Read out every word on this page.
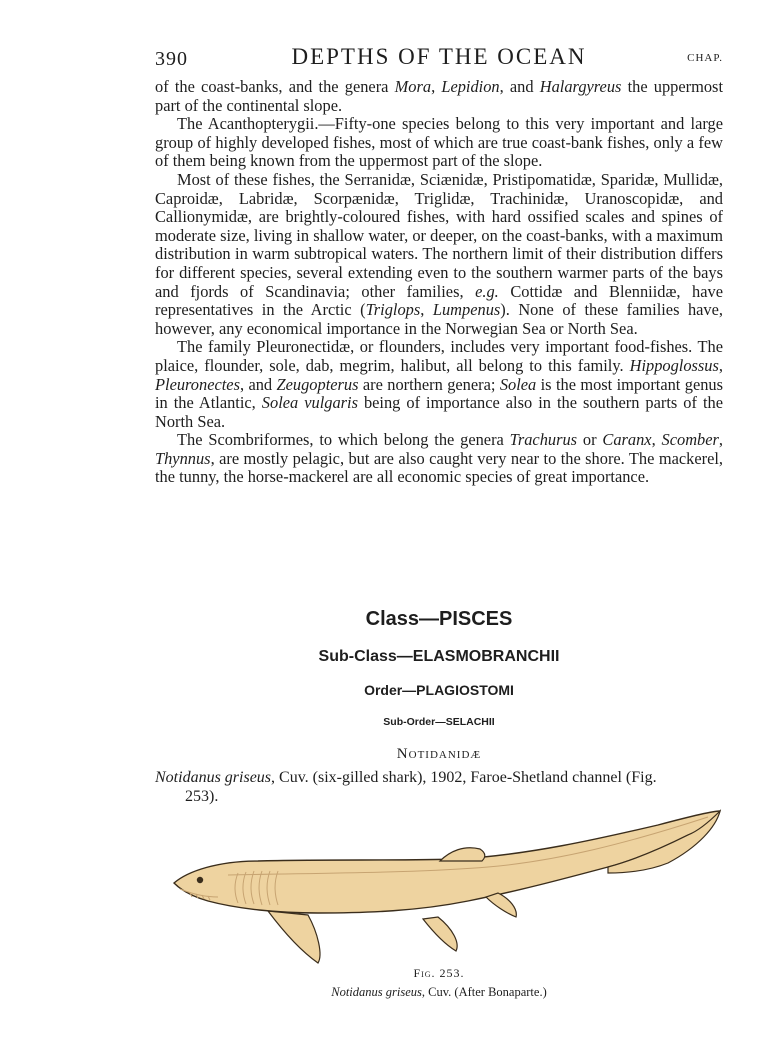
390	DEPTHS OF THE OCEAN	CHAP.

of the coast-banks, and the genera Mora, Lepidion, and Halargyreus the uppermost part of the continental slope.

The Acanthopterygii.—Fifty-one species belong to this very important and large group of highly developed fishes, most of which are true coast-bank fishes, only a few of them being known from the uppermost part of the slope.

Most of these fishes, the Serranidæ, Sciænidæ, Pristipomatidæ, Sparidæ, Mullidæ, Caproidæ, Labridæ, Scorpænidæ, Triglidæ, Trachinidæ, Uranoscopidæ, and Callionymidæ, are brightly-coloured fishes, with hard ossified scales and spines of moderate size, living in shallow water, or deeper, on the coast-banks, with a maximum distribution in warm subtropical waters. The northern limit of their distribution differs for different species, several extending even to the southern warmer parts of the bays and fjords of Scandinavia; other families, e.g. Cottidæ and Blenniidæ, have representatives in the Arctic (Triglops, Lumpenus). None of these families have, however, any economical importance in the Norwegian Sea or North Sea.

The family Pleuronectidæ, or flounders, includes very important food-fishes. The plaice, flounder, sole, dab, megrim, halibut, all belong to this family. Hippoglossus, Pleuronectes, and Zeugopterus are northern genera; Solea is the most important genus in the Atlantic, Solea vulgaris being of importance also in the southern parts of the North Sea.

The Scombriformes, to which belong the genera Trachurus or Caranx, Scomber, Thynnus, are mostly pelagic, but are also caught very near to the shore. The mackerel, the tunny, the horse-mackerel are all economic species of great importance.

Class—PISCES
Sub-Class—ELASMOBRANCHII
Order—PLAGIOSTOMI
Sub-Order—SELACHII
Notidanidæ
Notidanus griseus, Cuv. (six-gilled shark), 1902, Faroe-Shetland channel (Fig.
253).
Fig. 253.
Notidanus griseus, Cuv. (After Bonaparte.)
